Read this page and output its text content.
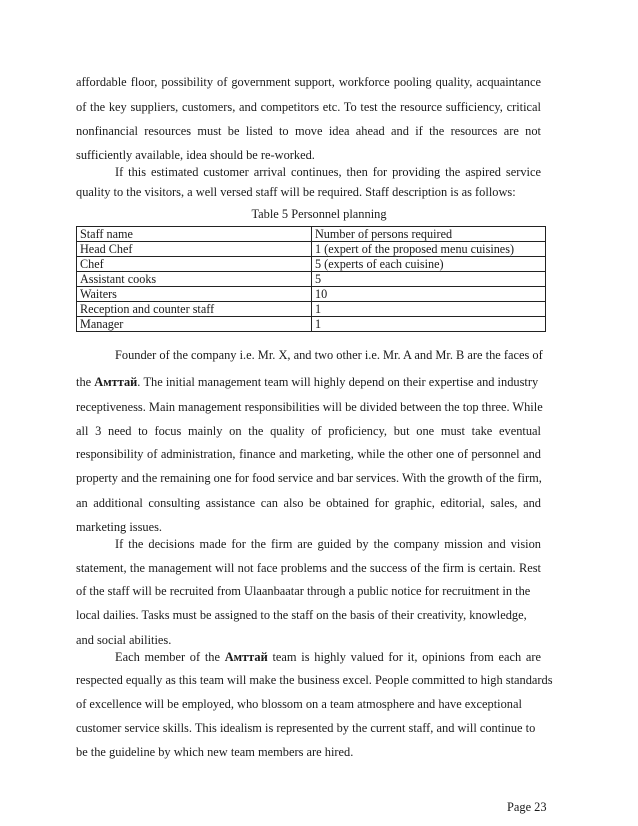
affordable floor, possibility of government support, workforce pooling quality, acquaintance
of the key suppliers, customers, and competitors etc. To test the resource sufficiency, critical
nonfinancial resources must be listed to move idea ahead and if the resources are not
sufficiently available, idea should be re-worked.
If this estimated customer arrival continues, then for providing the aspired service
quality to the visitors, a well versed staff will be required. Staff description is as follows:
Table 5 Personnel planning
Staff name	Number of persons required
Head Chef	1 (expert of the proposed menu cuisines)
Chef	5 (experts of each cuisine)
Assistant cooks	5
Waiters	10
Reception and counter staff	1
Manager	1
Founder of the company i.e. Mr. X, and two other i.e. Mr. A and Mr. B are the faces of
the Амттай. The initial management team will highly depend on their expertise and industry
receptiveness. Main management responsibilities will be divided between the top three. While
all 3 need to focus mainly on the quality of proficiency, but one must take eventual
responsibility of administration, finance and marketing, while the other one of personnel and
property and the remaining one for food service and bar services. With the growth of the firm,
an additional consulting assistance can also be obtained for graphic, editorial, sales, and
marketing issues.
If the decisions made for the firm are guided by the company mission and vision
statement, the management will not face problems and the success of the firm is certain. Rest
of the staff will be recruited from Ulaanbaatar through a public notice for recruitment in the
local dailies. Tasks must be assigned to the staff on the basis of their creativity, knowledge,
and social abilities.
Each member of the Амттай team is highly valued for it, opinions from each are
respected equally as this team will make the business excel. People committed to high standards
of excellence will be employed, who blossom on a team atmosphere and have exceptional
customer service skills. This idealism is represented by the current staff, and will continue to
be the guideline by which new team members are hired.
Page 23
